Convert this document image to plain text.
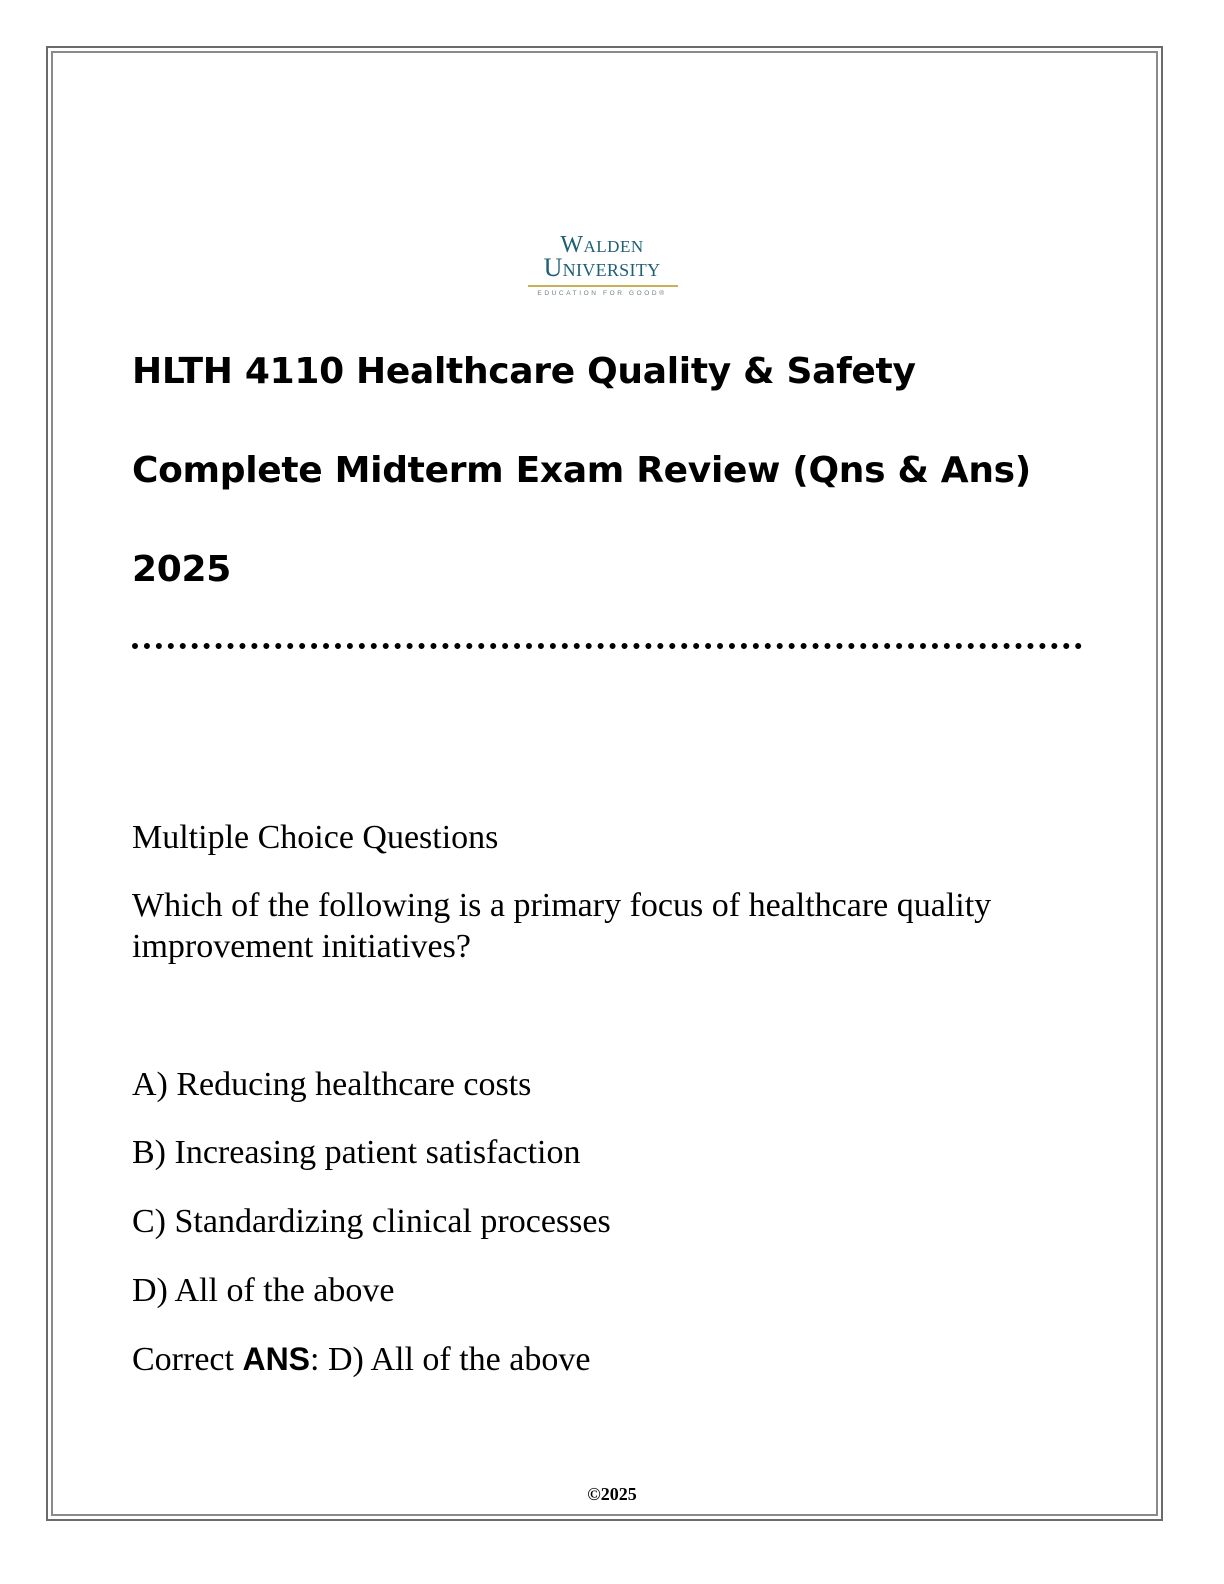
Walden
University
EDUCATION FOR GOOD®
HLTH 4110 Healthcare Quality & Safety
Complete Midterm Exam Review (Qns & Ans)
2025
Multiple Choice Questions
Which of the following is a primary focus of healthcare quality improvement initiatives?
A) Reducing healthcare costs
B) Increasing patient satisfaction
C) Standardizing clinical processes
D) All of the above
Correct ANS: D) All of the above
©2025
